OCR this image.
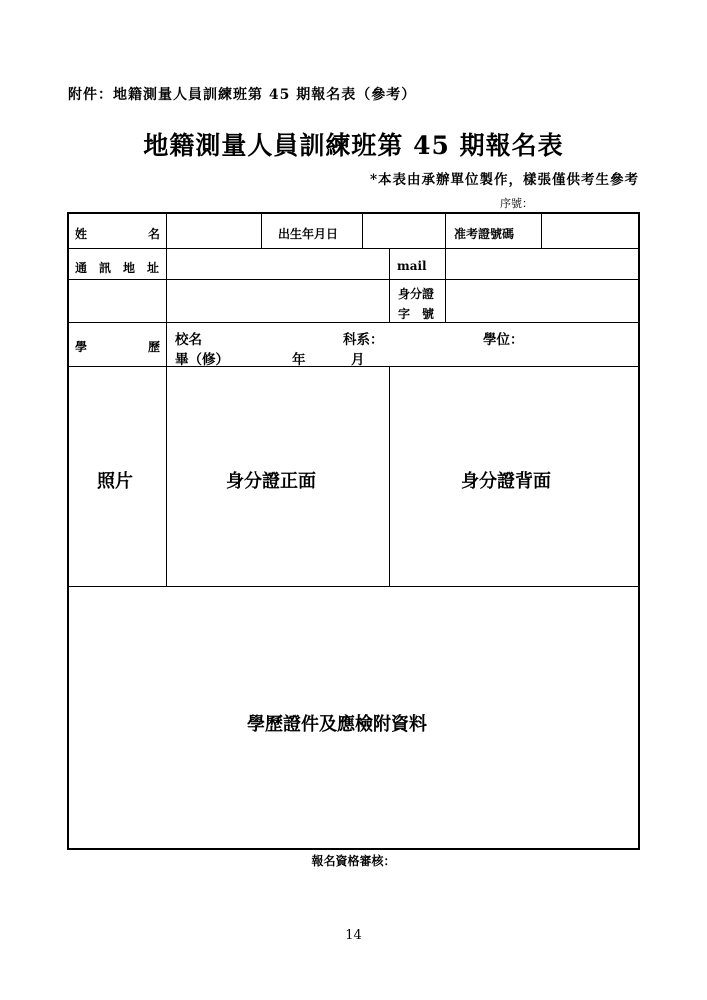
附件：地籍測量人員訓練班第 45 期報名表（參考）
地籍測量人員訓練班第 45 期報名表
*本表由承辦單位製作，樣張僅供考生參考
序號：
姓	名	出生年月日	准考證號碼
通　訊　地　址	mail
身分證
字　號
學	歷 校名	科系：	學位：
畢（修）	年	月
照片	身分證正面	身分證背面
學歷證件及應檢附資料
報名資格審核：
14
